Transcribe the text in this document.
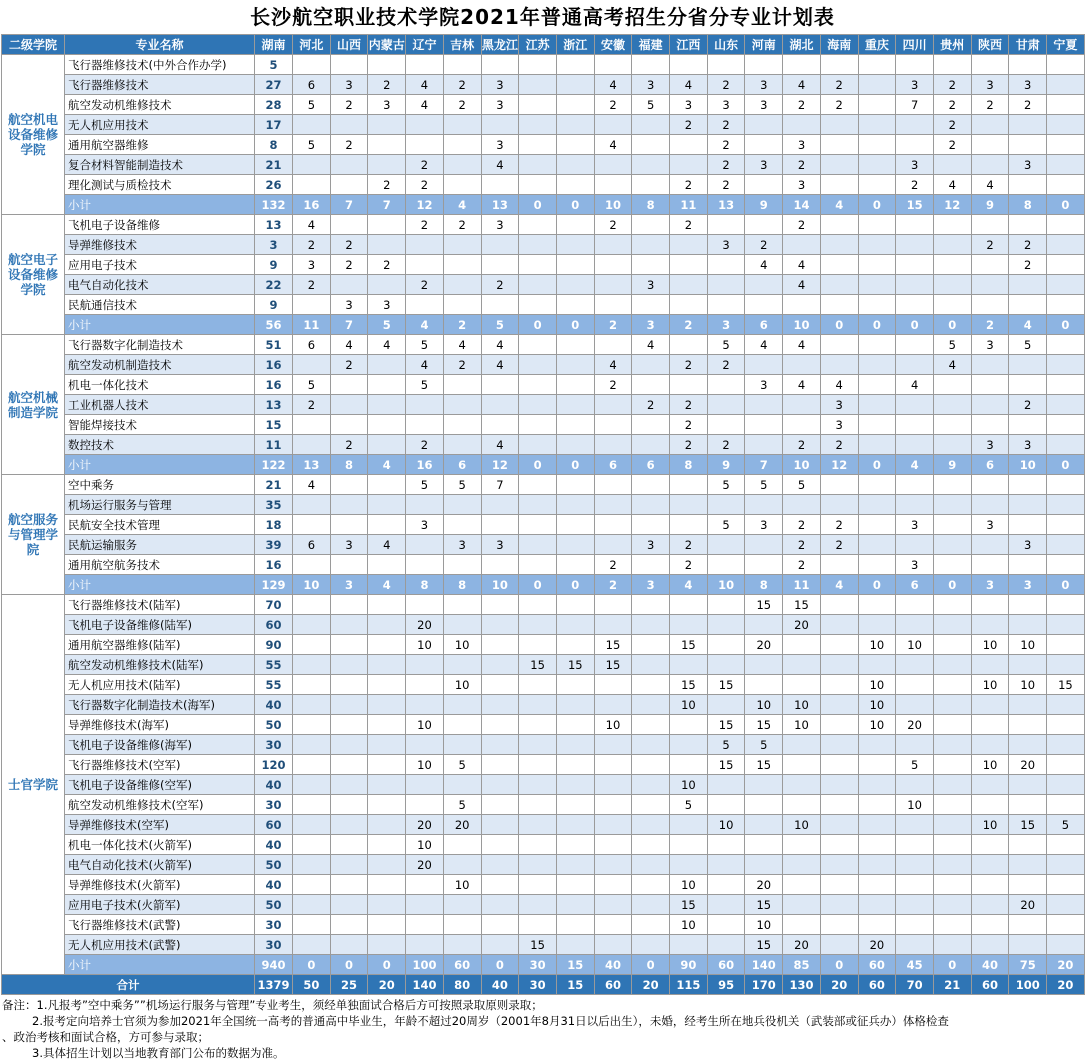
长沙航空职业技术学院2021年普通高考招生分省分专业计划表
二级学院	专业名称	湖南	河北	山西	内蒙古	辽宁	吉林	黑龙江	江苏	浙江	安徽	福建	江西	山东	河南	湖北	海南	重庆	四川	贵州	陕西	甘肃	宁夏
航空机电设备维修学院	飞行器维修技术(中外合作办学)	5																					
	飞行器维修技术	27	6	3	2	4	2	3			4	3	4	2	3	4	2		3	2	3	3	
	航空发动机维修技术	28	5	2	3	4	2	3			2	5	3	3	3	2	2		7	2	2	2	
	无人机应用技术	17											2	2						2			
	通用航空器维修	8	5	2				3			4			2		3				2			
	复合材料智能制造技术	21				2		4						2	3	2			3			3	
	理化测试与质检技术	26			2	2							2	2		3			2	4	4		
	小计	132	16	7	7	12	4	13	0	0	10	8	11	13	9	14	4	0	15	12	9	8	0
航空电子设备维修学院	飞机电子设备维修	13	4			2	2	3			2		2			2							
	导弹维修技术	3	2	2										3	2						2	2	
	应用电子技术	9	3	2	2										4	4						2	
	电气自动化技术	22	2			2		2				3				4							
	民航通信技术	9		3	3																		
	小计	56	11	7	5	4	2	5	0	0	2	3	2	3	6	10	0	0	0	0	2	4	0
航空机械制造学院	飞行器数字化制造技术	51	6	4	4	5	4	4				4		5	4	4				5	3	5	
	航空发动机制造技术	16		2		4	2	4			4		2	2						4			
	机电一体化技术	16	5			5					2				3	4	4		4				
	工业机器人技术	13	2									2	2				3					2	
	智能焊接技术	15											2				3						
	数控技术	11		2		2		4					2	2		2	2				3	3	
	小计	122	13	8	4	16	6	12	0	0	6	6	8	9	7	10	12	0	4	9	6	10	0
航空服务与管理学院	空中乘务	21	4			5	5	7						5	5	5							
	机场运行服务与管理	35																					
	民航安全技术管理	18				3								5	3	2	2		3		3		
	民航运输服务	39	6	3	4		3	3				3	2			2	2					3	
	通用航空航务技术	16									2		2			2			3				
	小计	129	10	3	4	8	8	10	0	0	2	3	4	10	8	11	4	0	6	0	3	3	0
士官学院	飞行器维修技术(陆军)	70													15	15							
	飞机电子设备维修(陆军)	60				20										20							
	通用航空器维修(陆军)	90				10	10				15		15		20			10	10		10	10	
	航空发动机维修技术(陆军)	55							15	15	15												
	无人机应用技术(陆军)	55					10						15	15				10			10	10	15
	飞行器数字化制造技术(海军)	40											10		10	10		10					
	导弹维修技术(海军)	50				10					10			15	15	10		10	20				
	飞机电子设备维修(海军)	30												5	5								
	飞行器维修技术(空军)	120				10	5							15	15				5		10	20	
	飞机电子设备维修(空军)	40											10										
	航空发动机维修技术(空军)	30					5						5						10				
	导弹维修技术(空军)	60				20	20							10		10					10	15	5
	机电一体化技术(火箭军)	40				10																	
	电气自动化技术(火箭军)	50				20																	
	导弹维修技术(火箭军)	40					10						10		20								
	应用电子技术(火箭军)	50											15		15							20	
	飞行器维修技术(武警)	30											10		10								
	无人机应用技术(武警)	30							15						15	20		20					
	小计	940	0	0	0	100	60	0	30	15	40	0	90	60	140	85	0	60	45	0	40	75	20
合计		1379	50	25	20	140	80	40	30	15	60	20	115	95	170	130	20	60	70	21	60	100	20
备注：1.凡报考”空中乘务””机场运行服务与管理”专业考生，须经单独面试合格后方可按照录取原则录取；
2.报考定向培养士官须为参加2021年全国统一高考的普通高中毕业生，年龄不超过20周岁（2001年8月31日以后出生），未婚，经考生所在地兵役机关（武装部或征兵办）体格检查
、政治考核和面试合格，方可参与录取；
3.具体招生计划以当地教育部门公布的数据为准。
